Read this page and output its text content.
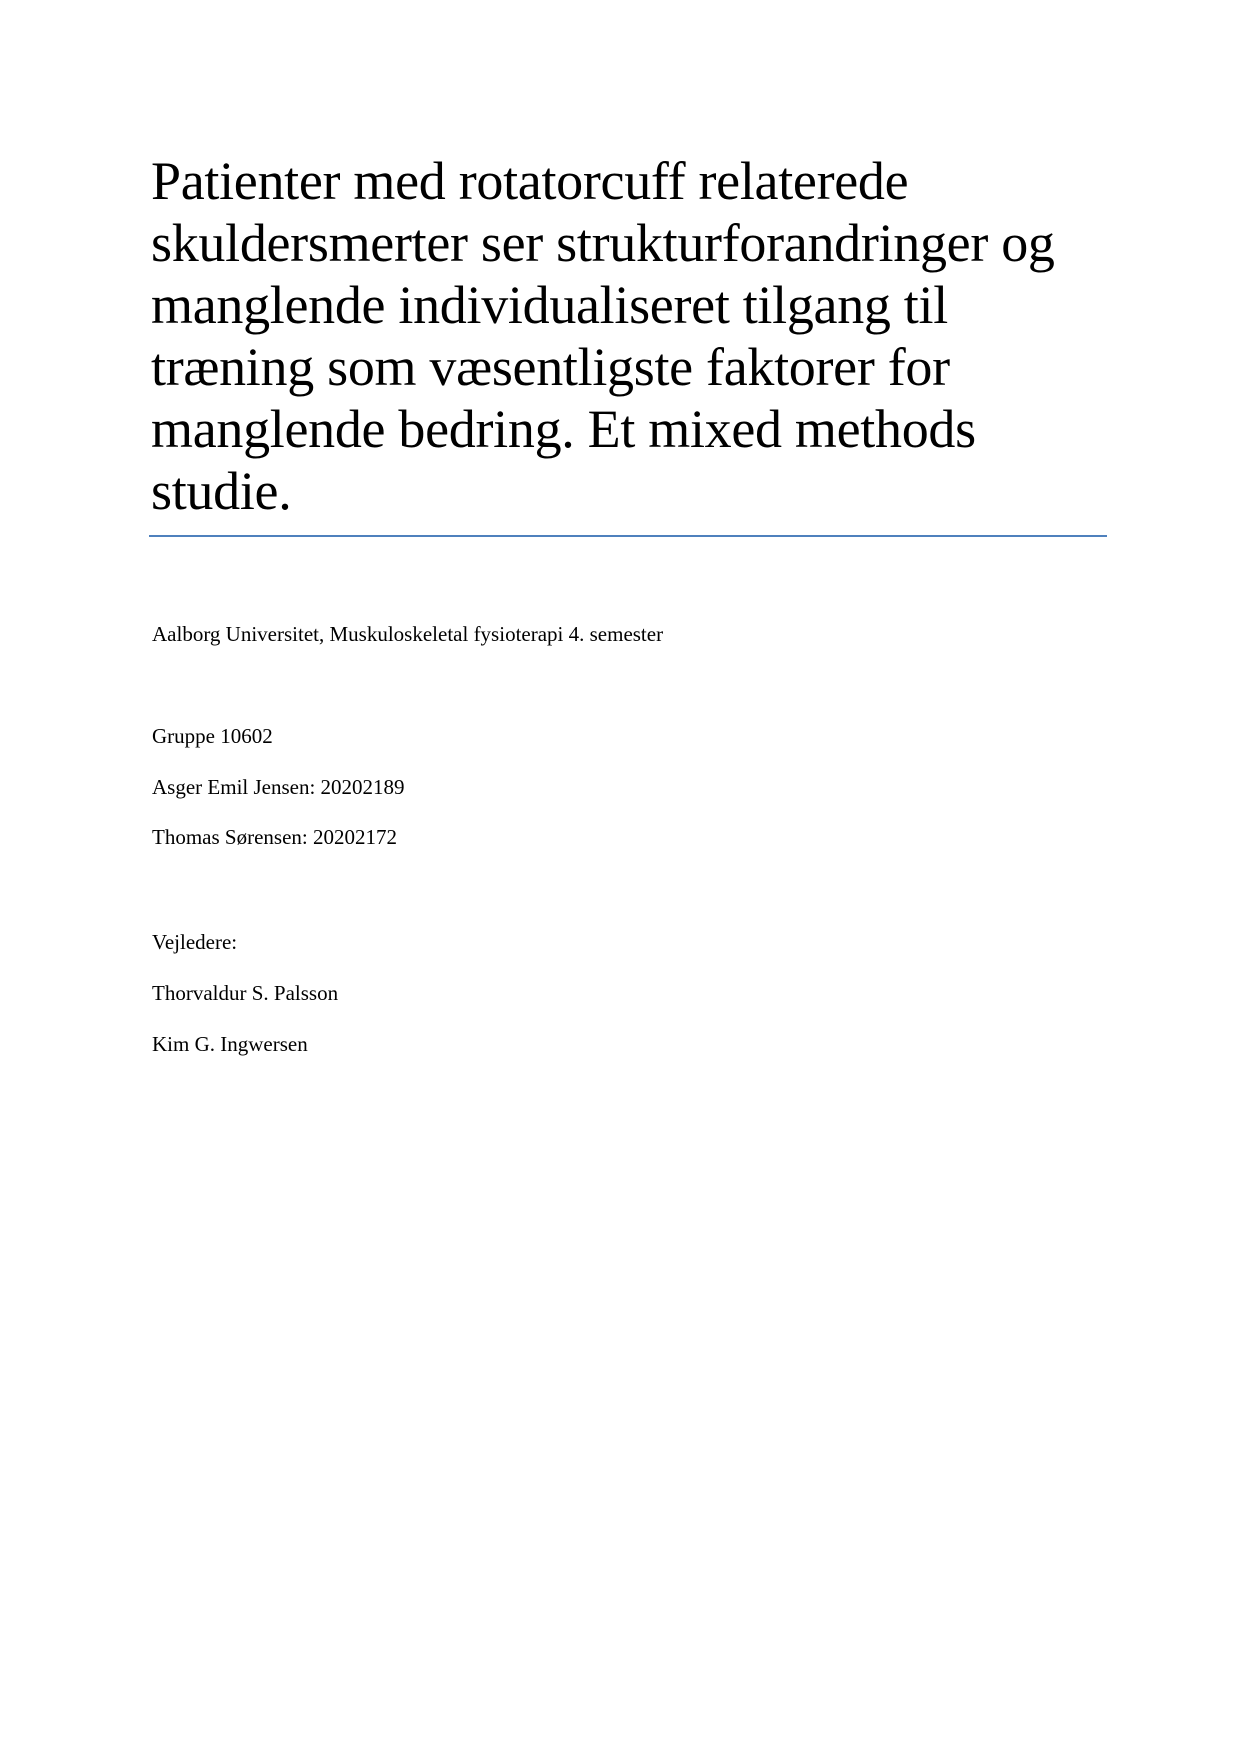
Patienter med rotatorcuff relaterede skuldersmerter ser strukturforandringer og manglende individualiseret tilgang til træning som væsentligste faktorer for manglende bedring. Et mixed methods studie.
Aalborg Universitet, Muskuloskeletal fysioterapi 4. semester
Gruppe 10602
Asger Emil Jensen: 20202189
Thomas Sørensen: 20202172
Vejledere:
Thorvaldur S. Palsson
Kim G. Ingwersen
